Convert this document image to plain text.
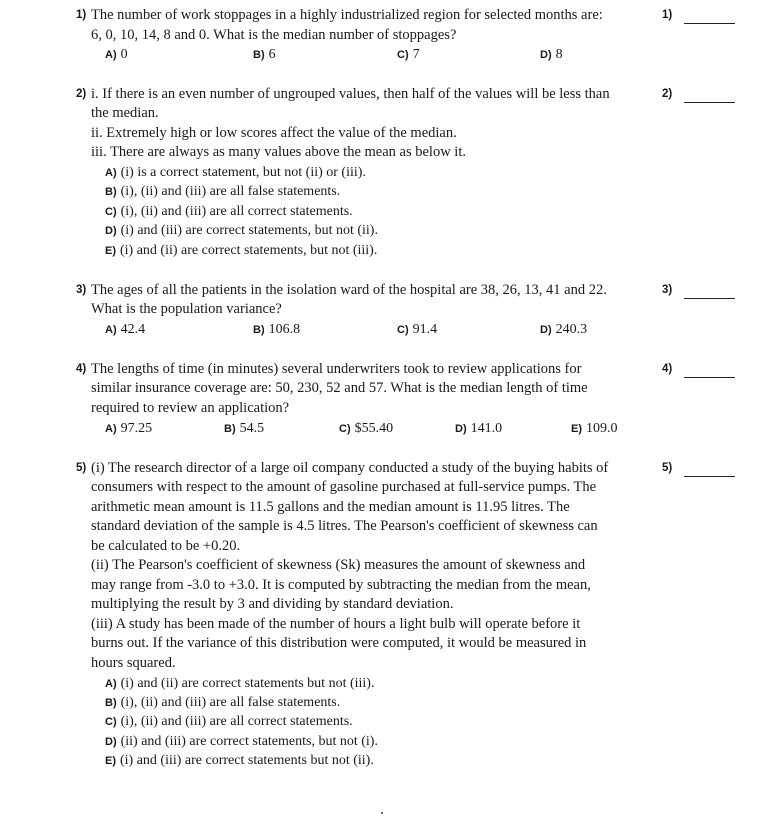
1) The number of work stoppages in a highly industrialized region for selected months are:
6, 0, 10, 14, 8 and 0. What is the median number of stoppages?
A) 0	B) 6	C) 7	D) 8
1)
2) i. If there is an even number of ungrouped values, then half of the values will be less than
the median.
ii. Extremely high or low scores affect the value of the median.
iii. There are always as many values above the mean as below it.
A) (i) is a correct statement, but not (ii) or (iii).
B) (i), (ii) and (iii) are all false statements.
C) (i), (ii) and (iii) are all correct statements.
D) (i) and (iii) are correct statements, but not (ii).
E) (i) and (ii) are correct statements, but not (iii).
2)
3) The ages of all the patients in the isolation ward of the hospital are 38, 26, 13, 41 and 22.
What is the population variance?
A) 42.4	B) 106.8	C) 91.4	D) 240.3
3)
4) The lengths of time (in minutes) several underwriters took to review applications for
similar insurance coverage are: 50, 230, 52 and 57. What is the median length of time
required to review an application?
A) 97.25	B) 54.5	C) $55.40	D) 141.0	E) 109.0
4)
5) (i) The research director of a large oil company conducted a study of the buying habits of
consumers with respect to the amount of gasoline purchased at full-service pumps. The
arithmetic mean amount is 11.5 gallons and the median amount is 11.95 litres. The
standard deviation of the sample is 4.5 litres. The Pearson's coefficient of skewness can
be calculated to be +0.20.
(ii) The Pearson's coefficient of skewness (Sk) measures the amount of skewness and
may range from -3.0 to +3.0. It is computed by subtracting the median from the mean,
multiplying the result by 3 and dividing by standard deviation.
(iii) A study has been made of the number of hours a light bulb will operate before it
burns out. If the variance of this distribution were computed, it would be measured in
hours squared.
A) (i) and (ii) are correct statements but not (iii).
B) (i), (ii) and (iii) are all false statements.
C) (i), (ii) and (iii) are all correct statements.
D) (ii) and (iii) are correct statements, but not (i).
E) (i) and (iii) are correct statements but not (ii).
5)
